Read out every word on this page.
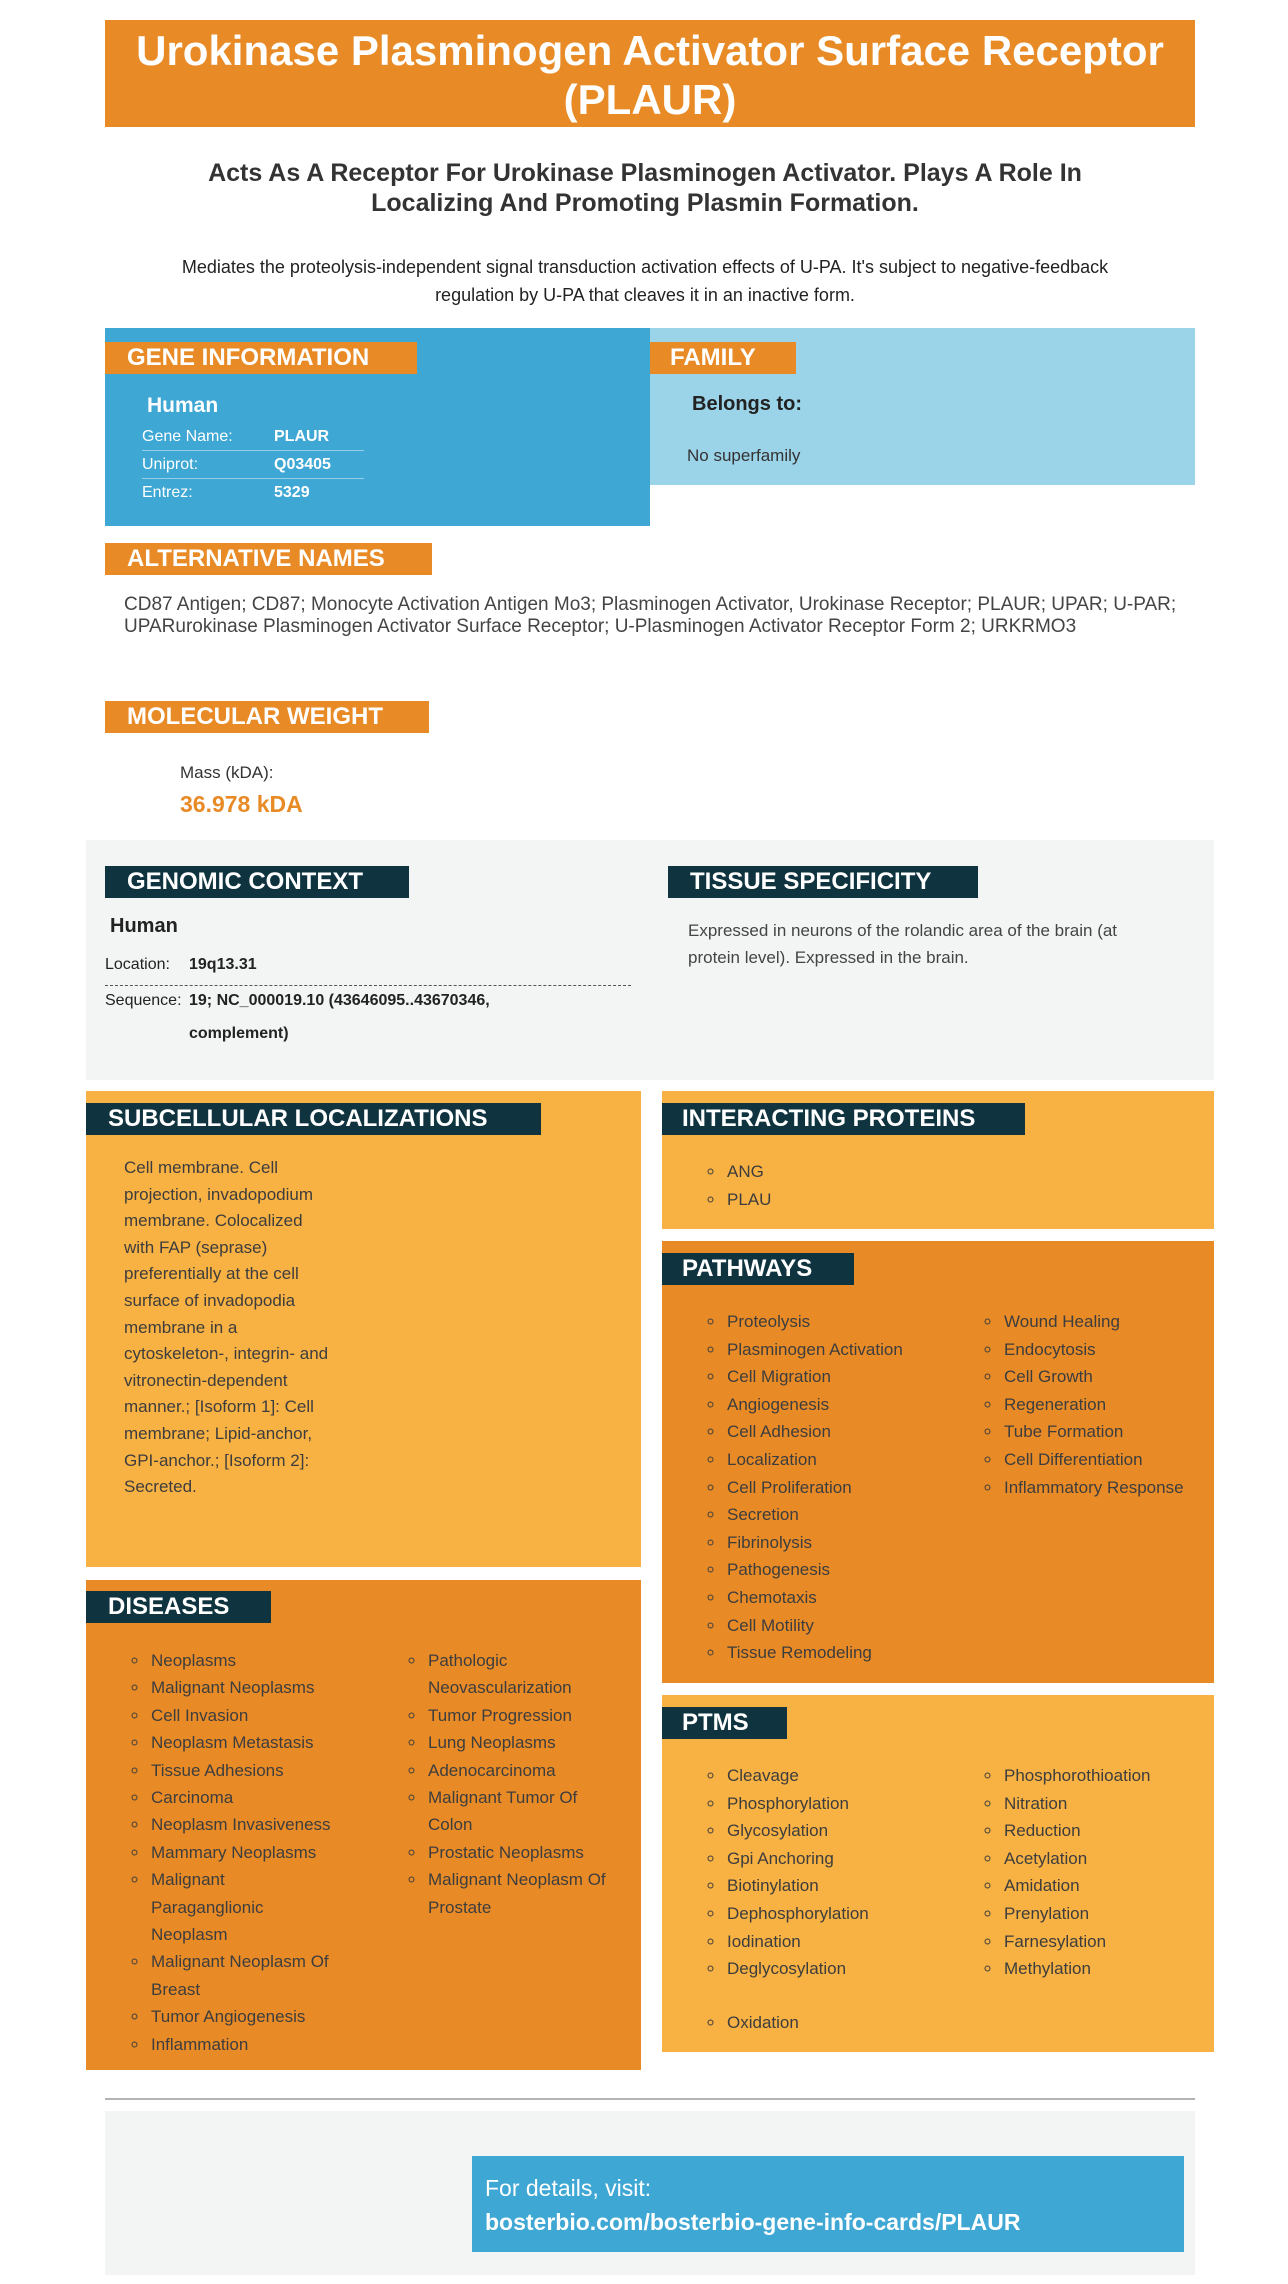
Urokinase Plasminogen Activator Surface Receptor (PLAUR)
Acts As A Receptor For Urokinase Plasminogen Activator. Plays A Role In Localizing And Promoting Plasmin Formation.
Mediates the proteolysis-independent signal transduction activation effects of U-PA. It's subject to negative-feedback regulation by U-PA that cleaves it in an inactive form.
GENE INFORMATION
Human
Gene Name:	PLAUR
Uniprot:	Q03405
Entrez:	5329
FAMILY
Belongs to:
No superfamily
ALTERNATIVE NAMES
CD87 Antigen; CD87; Monocyte Activation Antigen Mo3; Plasminogen Activator, Urokinase Receptor; PLAUR; UPAR; U-PAR; UPARurokinase Plasminogen Activator Surface Receptor; U-Plasminogen Activator Receptor Form 2; URKRMO3
MOLECULAR WEIGHT
Mass (kDA):
36.978 kDA
GENOMIC CONTEXT
Human
Location: 19q13.31
Sequence: 19; NC_000019.10 (43646095..43670346,
complement)
TISSUE SPECIFICITY
Expressed in neurons of the rolandic area of the brain (at protein level). Expressed in the brain.
SUBCELLULAR LOCALIZATIONS
Cell membrane. Cell projection, invadopodium membrane. Colocalized with FAP (seprase) preferentially at the cell surface of invadopodia membrane in a cytoskeleton-, integrin- and vitronectin-dependent manner.; [Isoform 1]: Cell membrane; Lipid-anchor, GPI-anchor.; [Isoform 2]: Secreted.
DISEASES
◦ Neoplasms
◦ Malignant Neoplasms
◦ Cell Invasion
◦ Neoplasm Metastasis
◦ Tissue Adhesions
◦ Carcinoma
◦ Neoplasm Invasiveness
◦ Mammary Neoplasms
◦ Malignant Paraganglionic Neoplasm
◦ Malignant Neoplasm Of Breast
◦ Tumor Angiogenesis
◦ Inflammation
◦ Pathologic Neovascularization
◦ Tumor Progression
◦ Lung Neoplasms
◦ Adenocarcinoma
◦ Malignant Tumor Of Colon
◦ Prostatic Neoplasms
◦ Malignant Neoplasm Of Prostate
INTERACTING PROTEINS
◦ ANG
◦ PLAU
PATHWAYS
◦ Proteolysis
◦ Plasminogen Activation
◦ Cell Migration
◦ Angiogenesis
◦ Cell Adhesion
◦ Localization
◦ Cell Proliferation
◦ Secretion
◦ Fibrinolysis
◦ Pathogenesis
◦ Chemotaxis
◦ Cell Motility
◦ Tissue Remodeling
◦ Wound Healing
◦ Endocytosis
◦ Cell Growth
◦ Regeneration
◦ Tube Formation
◦ Cell Differentiation
◦ Inflammatory Response
PTMS
◦ Cleavage
◦ Phosphorylation
◦ Glycosylation
◦ Gpi Anchoring
◦ Biotinylation
◦ Dephosphorylation
◦ Iodination
◦ Deglycosylation
◦ Phosphorothioation
◦ Nitration
◦ Reduction
◦ Acetylation
◦ Amidation
◦ Prenylation
◦ Farnesylation
◦ Methylation
◦ Oxidation
For details, visit:
bosterbio.com/bosterbio-gene-info-cards/PLAUR
